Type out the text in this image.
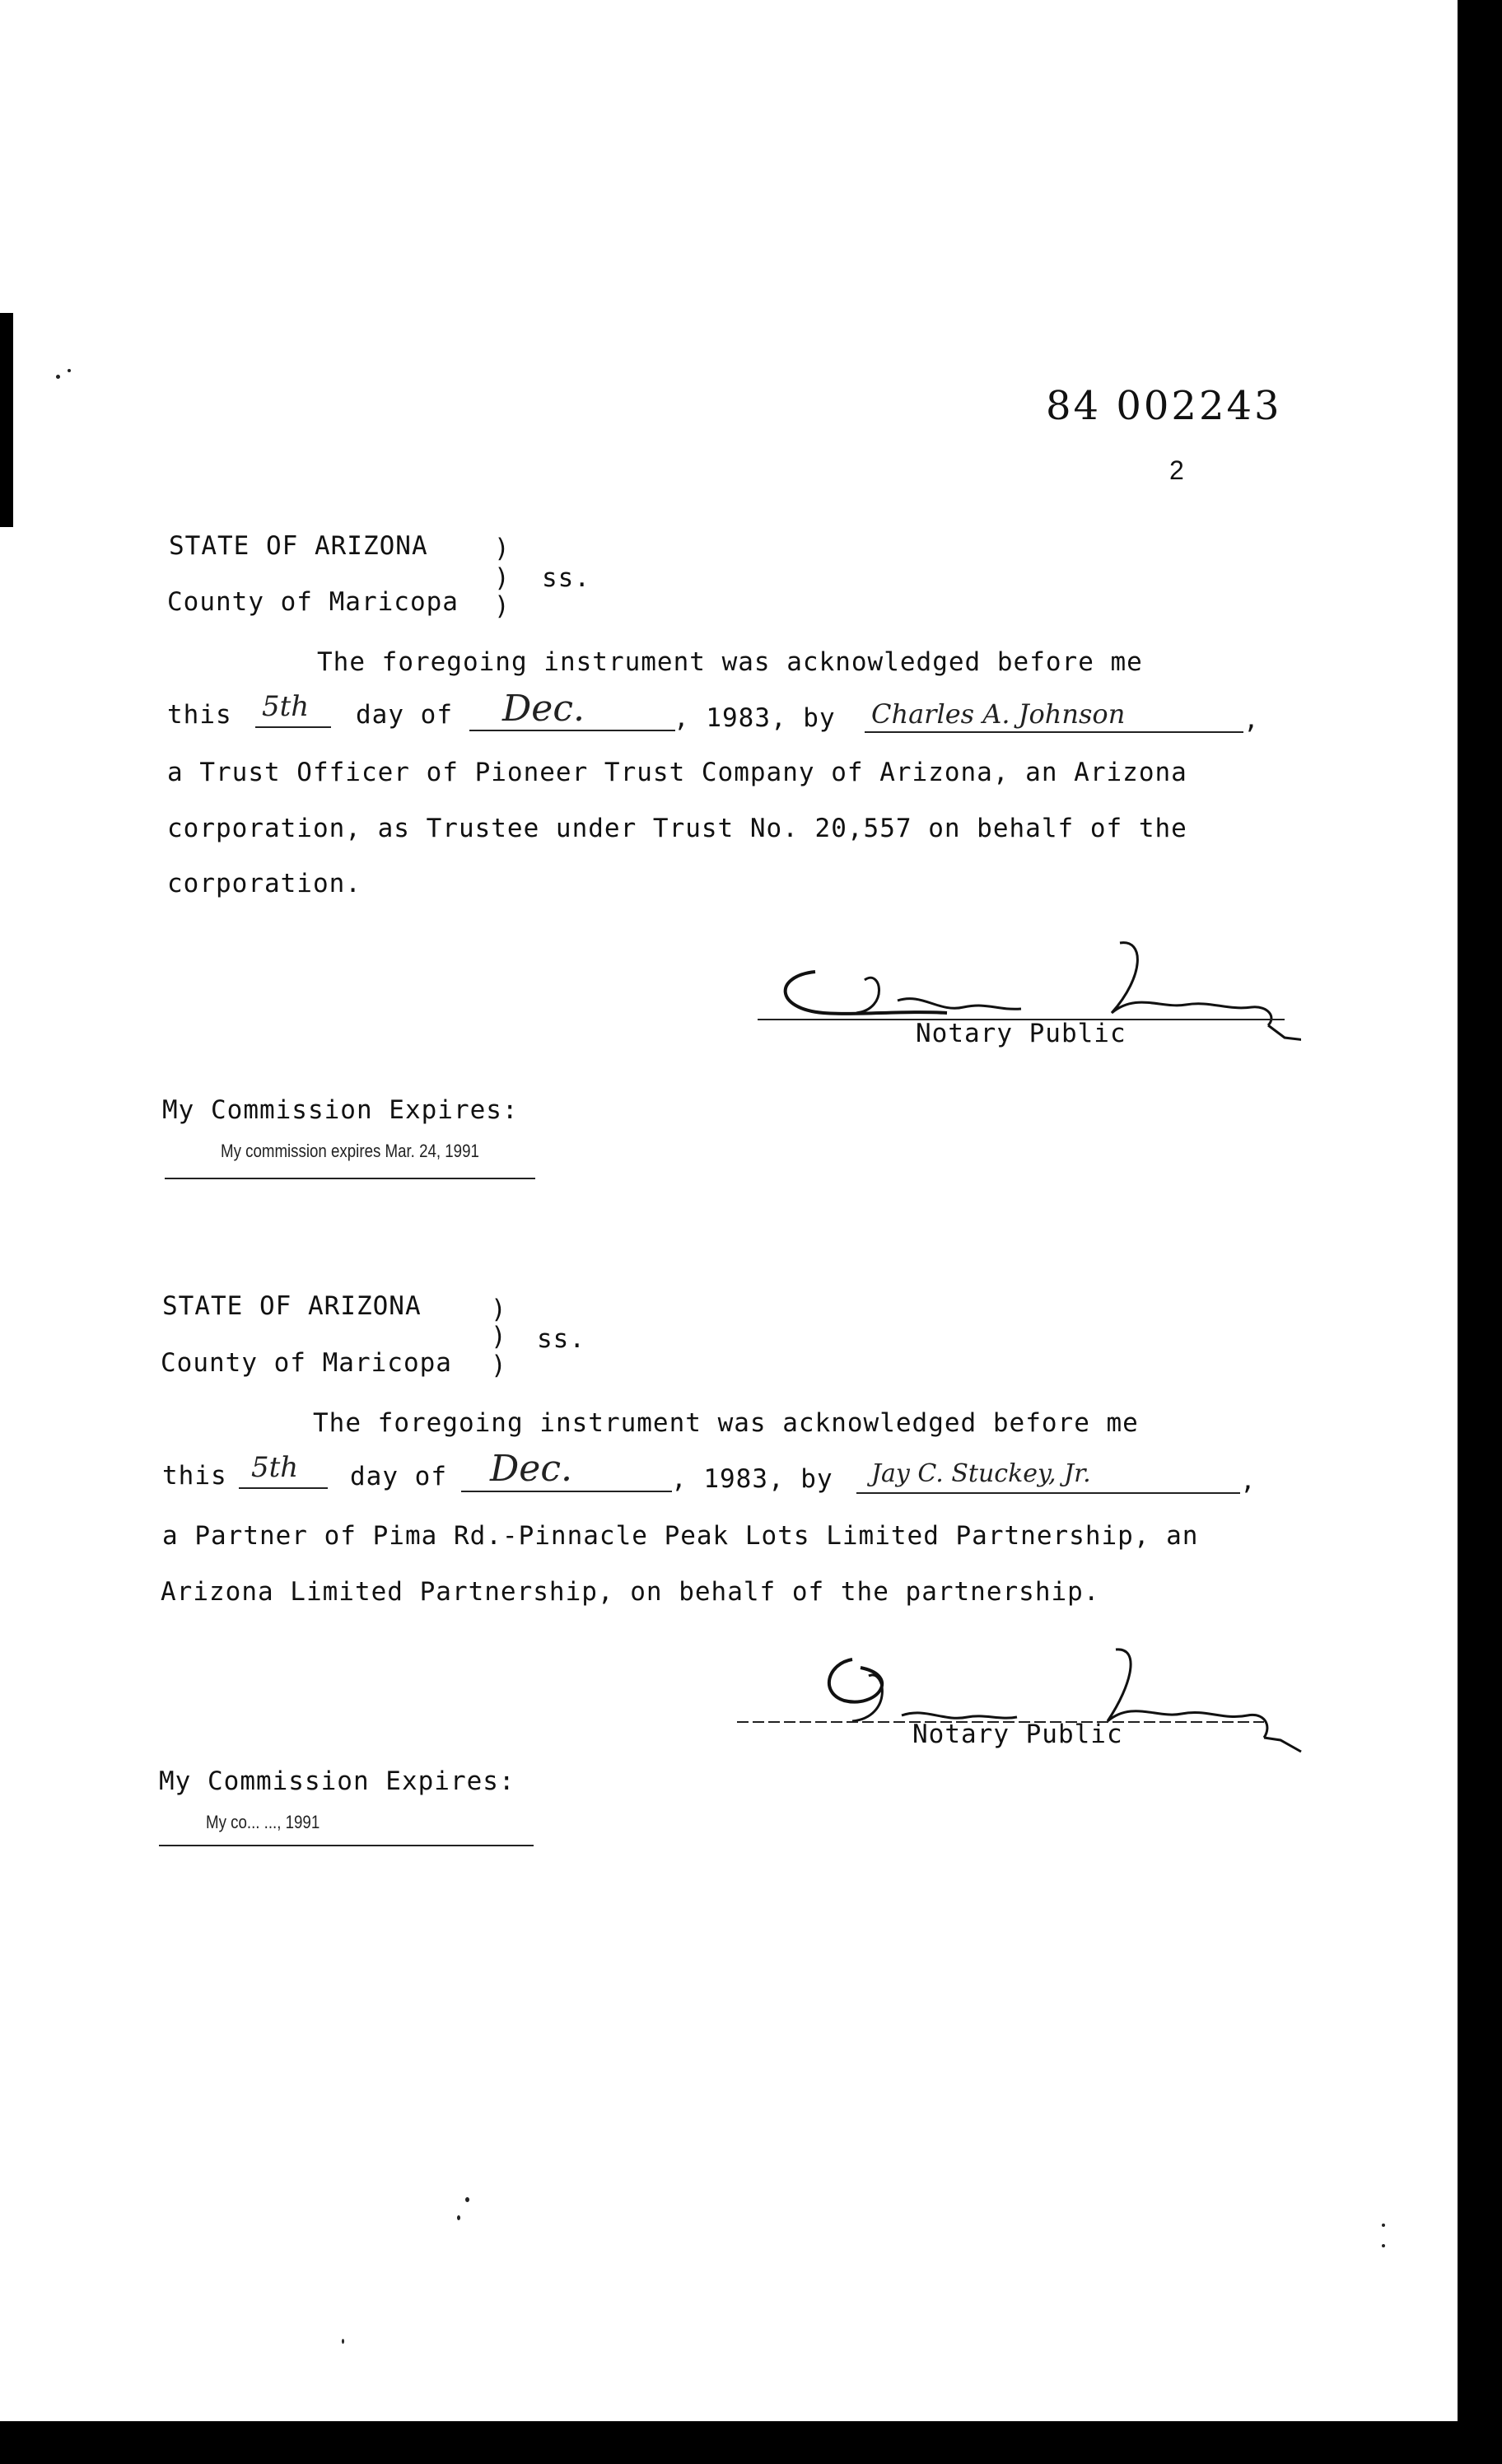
84 002243
2
STATE OF ARIZONA	)
)
)
ss.
County of Maricopa
The foregoing instrument was acknowledged before me
this 5th day of Dec.	, 1983, by Charles A. Johnson	,
a Trust Officer of Pioneer Trust Company of Arizona, an Arizona
corporation, as Trustee under Trust No. 20,557 on behalf of the
corporation.
Notary Public
My Commission Expires:
My commission expires Mar. 24, 1991
STATE OF ARIZONA	)
)
)
ss.
County of Maricopa
The foregoing instrument was acknowledged before me
this 5th day of Dec.	, 1983, by Jay C. Stuckey, Jr.	,
a Partner of Pima Rd.-Pinnacle Peak Lots Limited Partnership, an
Arizona Limited Partnership, on behalf of the partnership.
Notary Public
My Commission Expires:
My co... ..., 1991
